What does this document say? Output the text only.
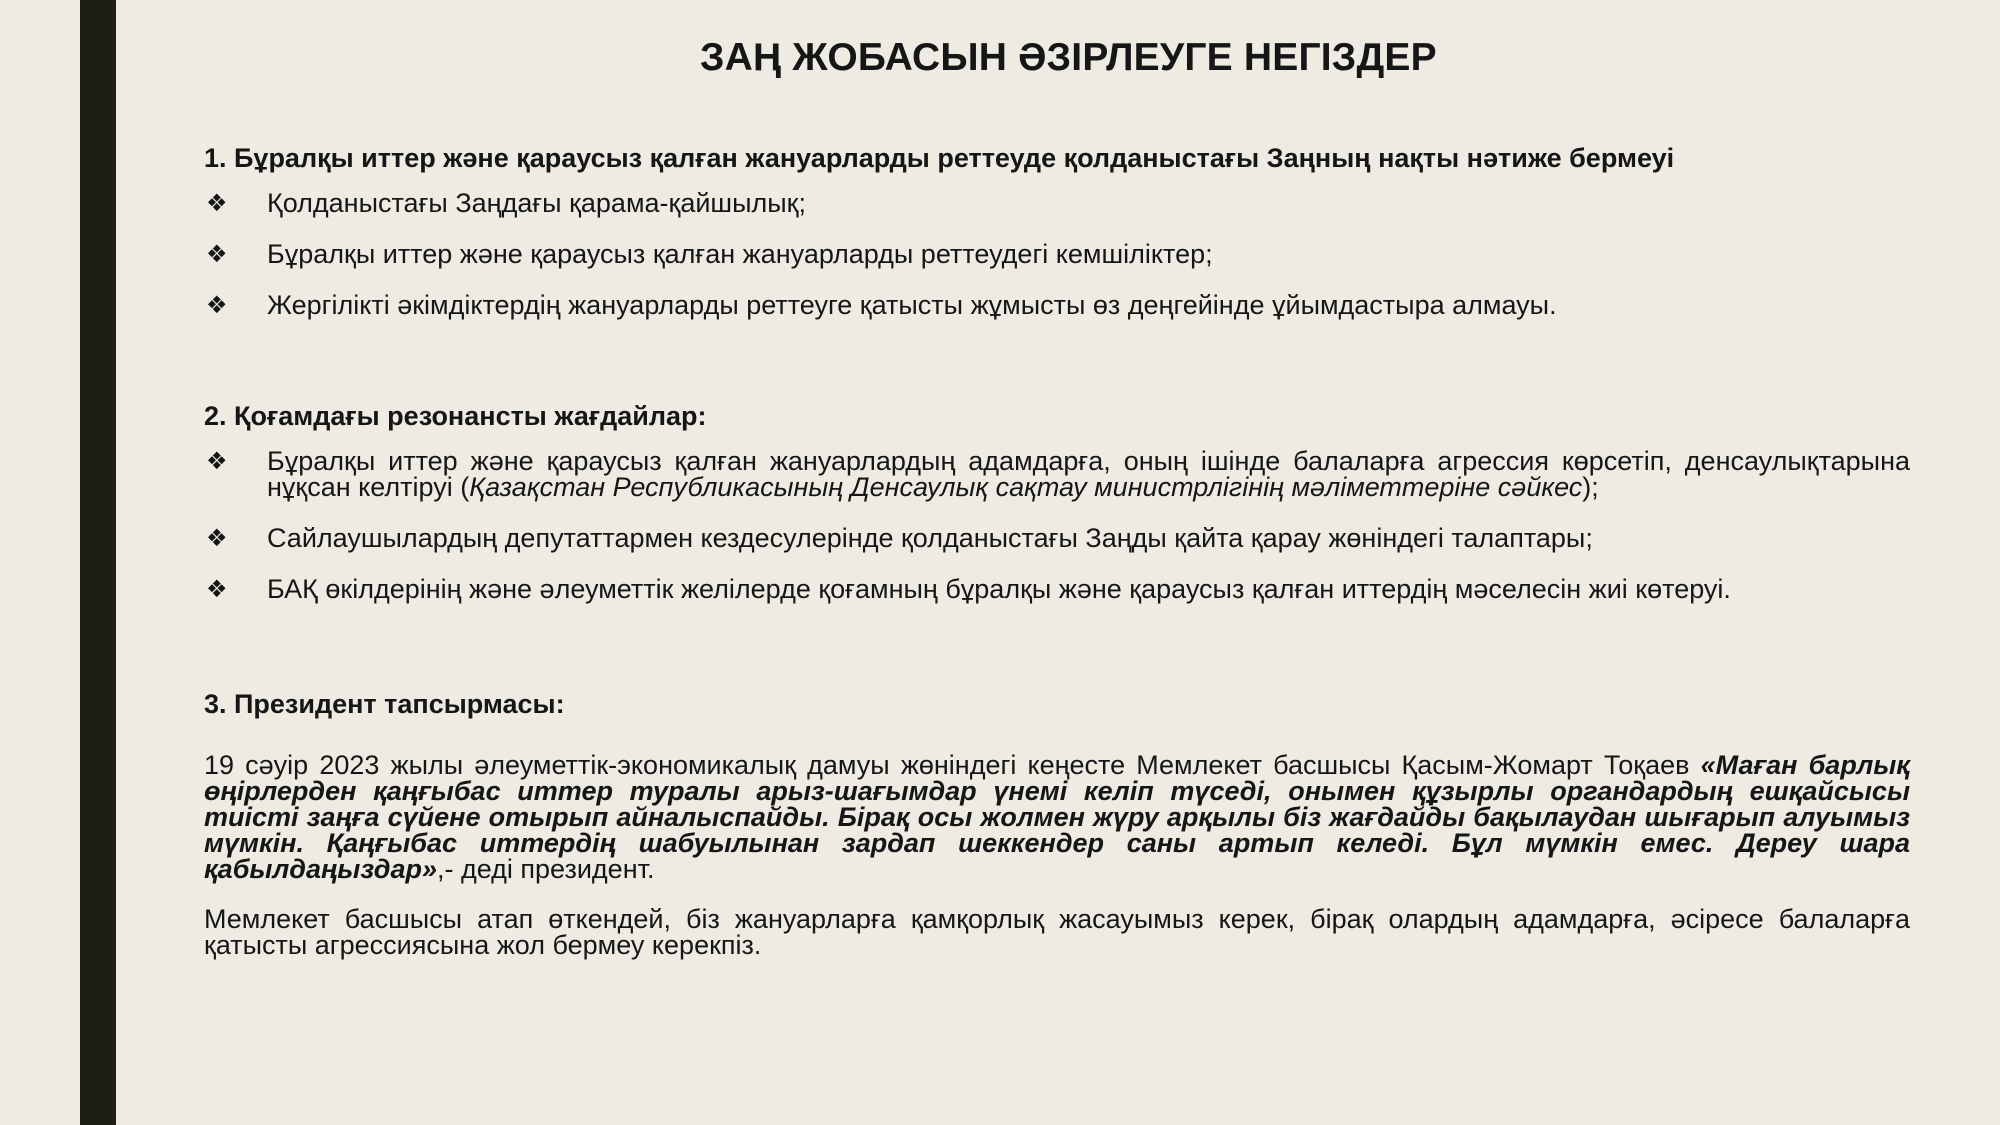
ЗАҢ ЖОБАСЫН ӘЗІРЛЕУГЕ НЕГІЗДЕР

1. Бұралқы иттер және қараусыз қалған жануарларды реттеуде қолданыстағы Заңның нақты нәтиже бермеуі

❖ Қолданыстағы Заңдағы қарама-қайшылық;
❖ Бұралқы иттер және қараусыз қалған жануарларды реттеудегі кемшіліктер;
❖ Жергілікті әкімдіктердің жануарларды реттеуге қатысты жұмысты өз деңгейінде ұйымдастыра алмауы.

2. Қоғамдағы резонансты жағдайлар:

❖ Бұралқы иттер және қараусыз қалған жануарлардың адамдарға, оның ішінде балаларға агрессия көрсетіп, денсаулықтарына нұқсан келтіруі (Қазақстан Республикасының Денсаулық сақтау министрлігінің мәліметтеріне сәйкес);
❖ Сайлаушылардың депутаттармен кездесулерінде қолданыстағы Заңды қайта қарау жөніндегі талаптары;
❖ БАҚ өкілдерінің және әлеуметтік желілерде қоғамның бұралқы және қараусыз қалған иттердің мәселесін жиі көтеруі.

3. Президент тапсырмасы:

19 сәуір 2023 жылы әлеуметтік-экономикалық дамуы жөніндегі кеңесте Мемлекет басшысы Қасым-Жомарт Тоқаев «Маған барлық өңірлерден қаңғыбас иттер туралы арыз-шағымдар үнемі келіп түседі, онымен құзырлы органдардың ешқайсысы тиісті заңға сүйене отырып айналыспайды. Бірақ осы жолмен жүру арқылы біз жағдайды бақылаудан шығарып алуымыз мүмкін. Қаңғыбас иттердің шабуылынан зардап шеккендер саны артып келеді. Бұл мүмкін емес. Дереу шара қабылдаңыздар»,- деді президент.

Мемлекет басшысы атап өткендей, біз жануарларға қамқорлық жасауымыз керек, бірақ олардың адамдарға, әсіресе балаларға қатысты агрессиясына жол бермеу керекпіз.
